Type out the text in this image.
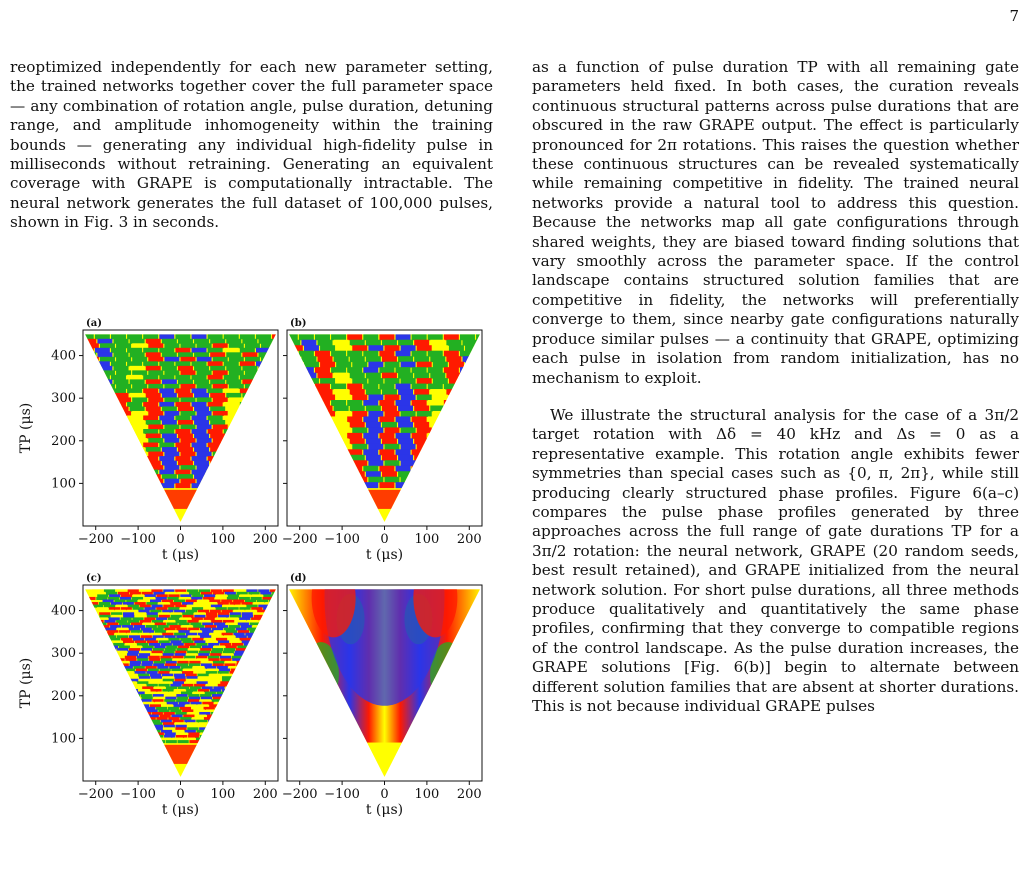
7

reoptimized independently for each new parameter setting, the trained networks together cover the full parameter space — any combination of rotation angle, pulse duration, detuning range, and amplitude inhomogeneity within the training bounds — generating any individual high-fidelity pulse in milliseconds without retraining. Generating an equivalent coverage with GRAPE is computationally intractable. The neural network generates the full dataset of 100,000 pulses, shown in Fig. 3 in seconds.

as a function of pulse duration TP with all remaining gate parameters held fixed. In both cases, the curation reveals continuous structural patterns across pulse durations that are obscured in the raw GRAPE output. The effect is particularly pronounced for 2π rotations. This raises the question whether these continuous structures can be revealed systematically while remaining competitive in fidelity. The trained neural networks provide a natural tool to address this question. Because the networks map all gate configurations through shared weights, they are biased toward finding solutions that vary smoothly across the parameter space. If the control landscape contains structured solution families that are competitive in fidelity, the networks will preferentially converge to them, since nearby gate configurations naturally produce similar pulses — a continuity that GRAPE, optimizing each pulse in isolation from random initialization, has no mechanism to exploit.

We illustrate the structural analysis for the case of a 3π/2 target rotation with Δδ = 40 kHz and Δs = 0 as a representative example. This rotation angle exhibits fewer symmetries than special cases such as {0, π, 2π}, while still producing clearly structured phase profiles. Figure 6(a–c) compares the pulse phase profiles generated by three approaches across the full range of gate durations TP for a 3π/2 rotation: the neural network, GRAPE (20 random seeds, best result retained), and GRAPE initialized from the neural network solution. For short pulse durations, all three methods produce qualitatively and quantitatively the same phase profiles, confirming that they converge to compatible regions of the control landscape. As the pulse duration increases, the GRAPE solutions [Fig. 6(b)] begin to alternate between different solution families that are absent at shorter durations. This is not because individual GRAPE pulses

−200 −100 0 100 200
100
200
300
400
t (μs)
TP (μs)
(a)
−200 −100 0 100 200
t (μs)
(b)
−200 −100 0 100 200
100
200
300
400
t (μs)
TP (μs)
(c)
−200 −100 0 100 200
t (μs)
(d)
